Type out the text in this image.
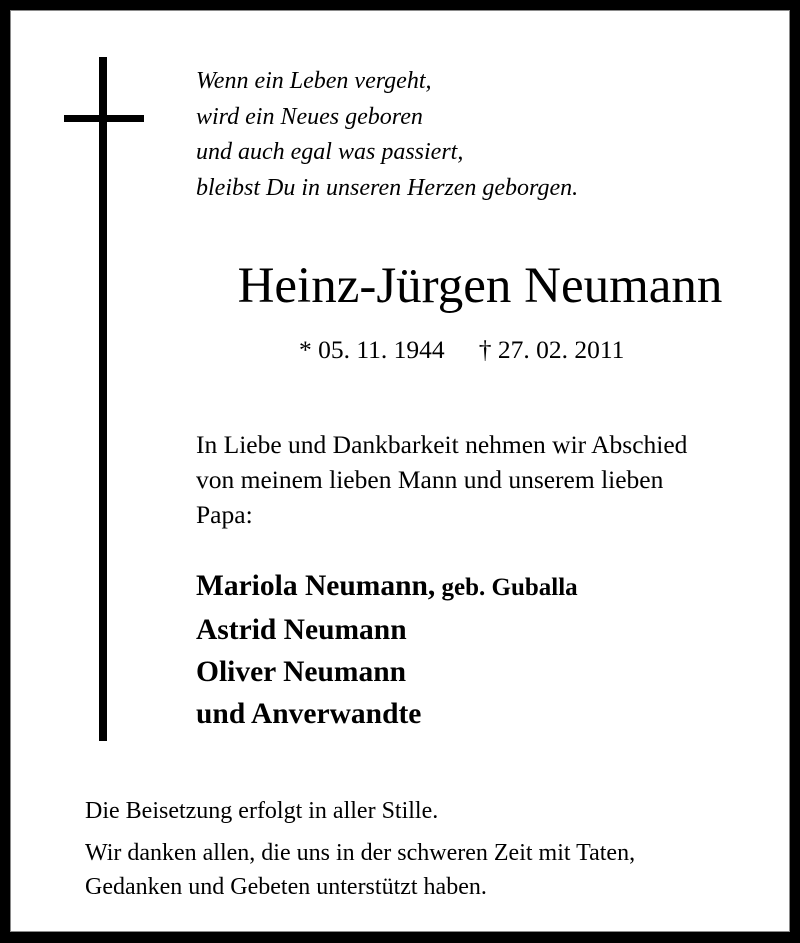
Wenn ein Leben vergeht,
wird ein Neues geboren
und auch egal was passiert,
bleibst Du in unseren Herzen geborgen.
Heinz-Jürgen Neumann
* 05. 11. 1944 † 27. 02. 2011
In Liebe und Dankbarkeit nehmen wir Abschied
von meinem lieben Mann und unserem lieben
Papa:
Mariola Neumann, geb. Guballa
Astrid Neumann
Oliver Neumann
und Anverwandte
Die Beisetzung erfolgt in aller Stille.
Wir danken allen, die uns in der schweren Zeit mit Taten,
Gedanken und Gebeten unterstützt haben.
